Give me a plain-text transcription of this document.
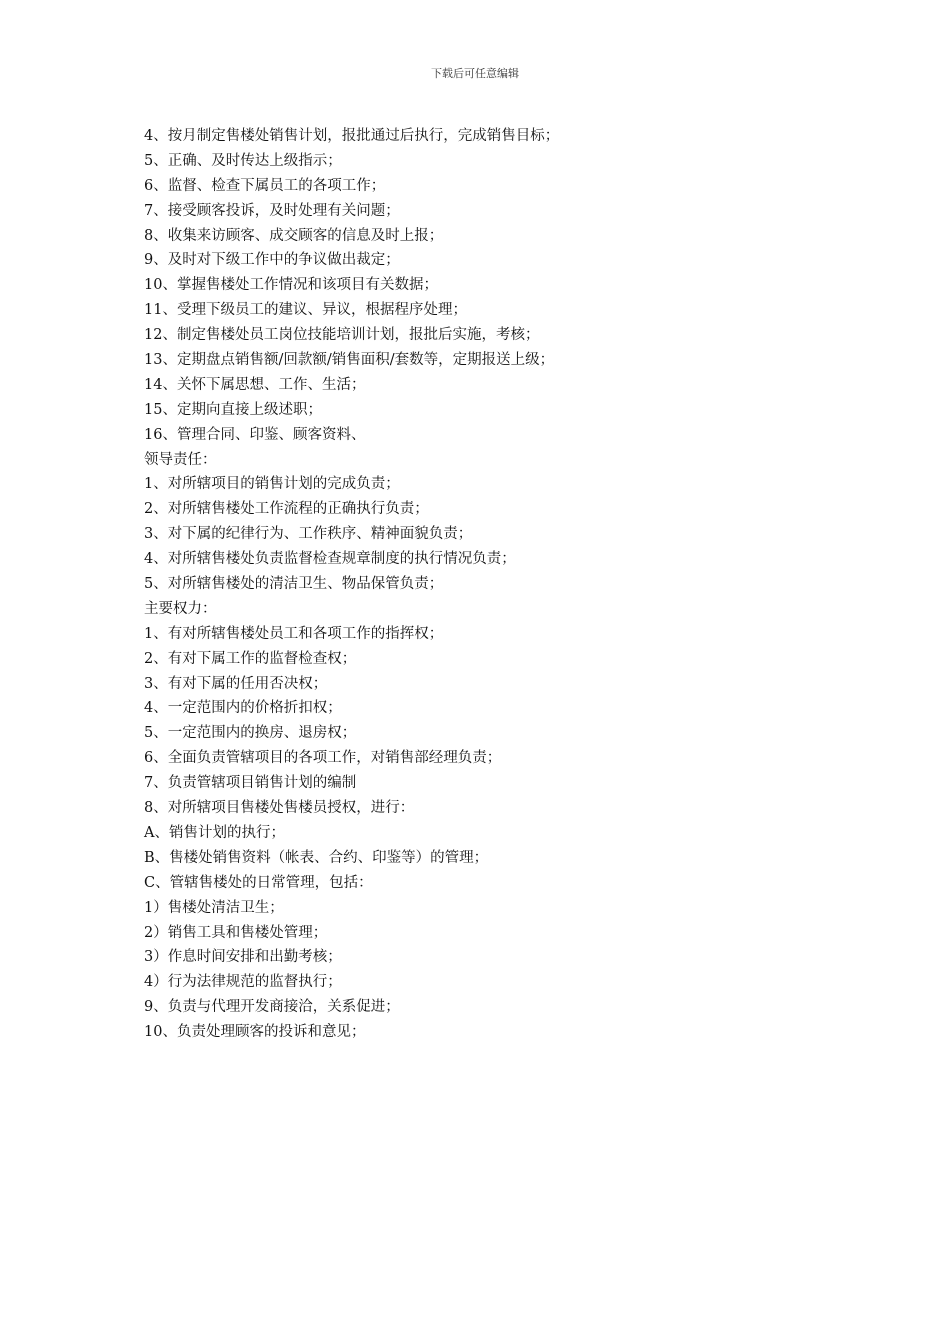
下载后可任意编辑
4、按月制定售楼处销售计划，报批通过后执行，完成销售目标；
5、正确、及时传达上级指示；
6、监督、检查下属员工的各项工作；
7、接受顾客投诉，及时处理有关问题；
8、收集来访顾客、成交顾客的信息及时上报；
9、及时对下级工作中的争议做出裁定；
10、掌握售楼处工作情况和该项目有关数据；
11、受理下级员工的建议、异议，根据程序处理；
12、制定售楼处员工岗位技能培训计划，报批后实施，考核；
13、定期盘点销售额/回款额/销售面积/套数等，定期报送上级；
14、关怀下属思想、工作、生活；
15、定期向直接上级述职；
16、管理合同、印鉴、顾客资料、
领导责任：
1、对所辖项目的销售计划的完成负责；
2、对所辖售楼处工作流程的正确执行负责；
3、对下属的纪律行为、工作秩序、精神面貌负责；
4、对所辖售楼处负责监督检查规章制度的执行情况负责；
5、对所辖售楼处的清洁卫生、物品保管负责；
主要权力：
1、有对所辖售楼处员工和各项工作的指挥权；
2、有对下属工作的监督检查权；
3、有对下属的任用否决权；
4、一定范围内的价格折扣权；
5、一定范围内的换房、退房权；
6、全面负责管辖项目的各项工作，对销售部经理负责；
7、负责管辖项目销售计划的编制
8、对所辖项目售楼处售楼员授权，进行：
A、销售计划的执行；
B、售楼处销售资料（帐表、合约、印鉴等）的管理；
C、管辖售楼处的日常管理，包括：
1）售楼处清洁卫生；
2）销售工具和售楼处管理；
3）作息时间安排和出勤考核；
4）行为法律规范的监督执行；
9、负责与代理开发商接洽，关系促进；
10、负责处理顾客的投诉和意见；
